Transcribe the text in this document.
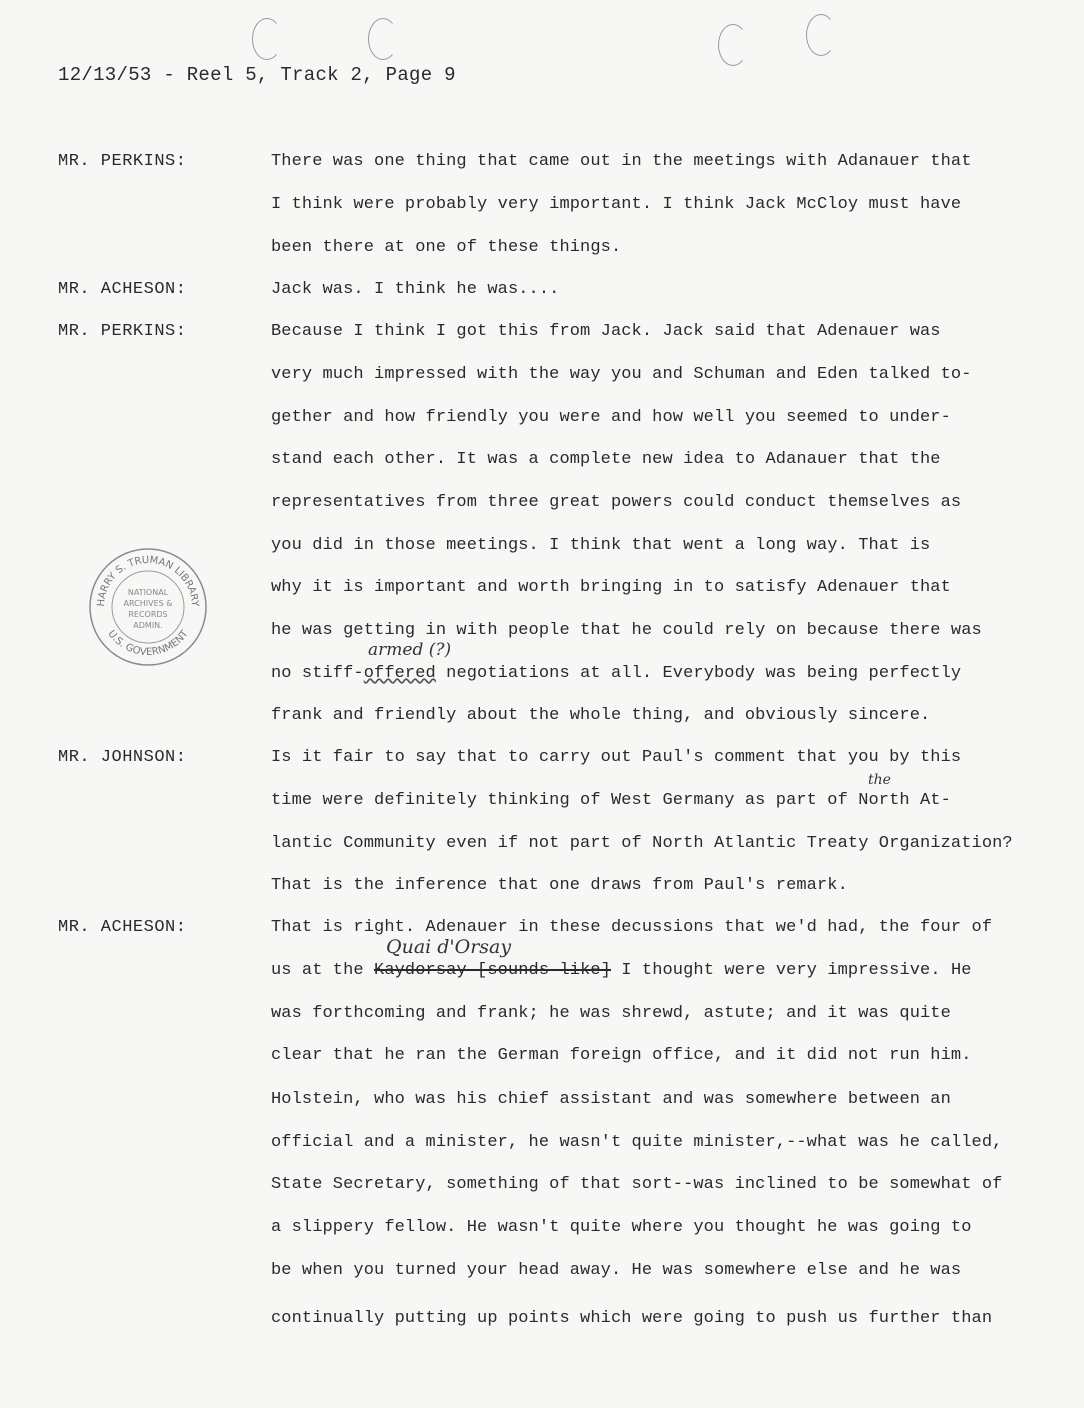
12/13/53 - Reel 5, Track 2, Page 9
MR. PERKINS:
MR. ACHESON:
MR. PERKINS:
MR. JOHNSON:
MR. ACHESON:
There was one thing that came out in the meetings with Adanauer that
I think were probably very important. I think Jack McCloy must have
been there at one of these things.
Jack was. I think he was....
Because I think I got this from Jack. Jack said that Adenauer was
very much impressed with the way you and Schuman and Eden talked to-
gether and how friendly you were and how well you seemed to under-
stand each other. It was a complete new idea to Adanauer that the
representatives from three great powers could conduct themselves as
you did in those meetings. I think that went a long way. That is
why it is important and worth bringing in to satisfy Adenauer that
he was getting in with people that he could rely on because there was
no stiff-offered negotiations at all. Everybody was being perfectly
armed (?)
frank and friendly about the whole thing, and obviously sincere.
Is it fair to say that to carry out Paul's comment that you by this
time were definitely thinking of West Germany as part of North At-
the
lantic Community even if not part of North Atlantic Treaty Organization?
That is the inference that one draws from Paul's remark.
That is right. Adenauer in these decussions that we'd had, the four of
us at the Kaydorsay [sounds like] I thought were very impressive. He
Quai d'Orsay
was forthcoming and frank; he was shrewd, astute; and it was quite
clear that he ran the German foreign office, and it did not run him.
Holstein, who was his chief assistant and was somewhere between an
official and a minister, he wasn't quite minister,--what was he called,
State Secretary, something of that sort--was inclined to be somewhat of
a slippery fellow. He wasn't quite where you thought he was going to
be when you turned your head away. He was somewhere else and he was
continually putting up points which were going to push us further than
HARRY S. TRUMAN LIBRARY
U.S. GOVERNMENT
NATIONAL
ARCHIVES &
RECORDS
ADMIN.
